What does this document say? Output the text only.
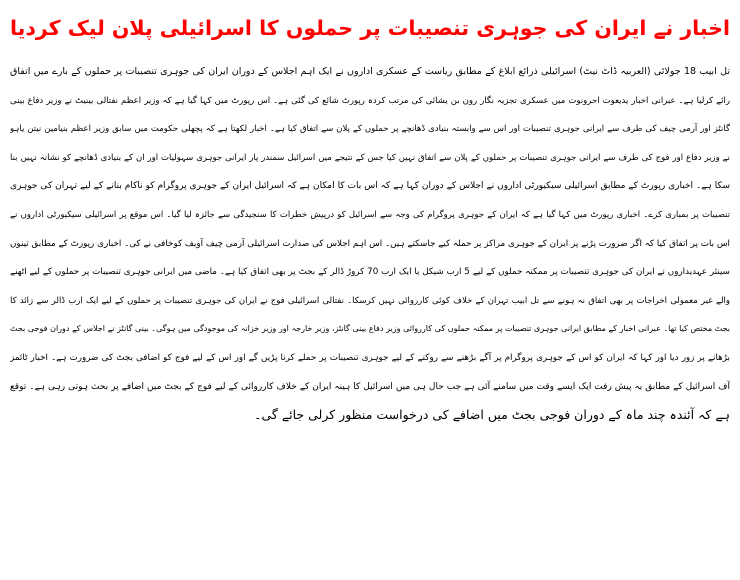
اخبار نے ایران کی جوہری تنصیبات پر حملوں کا اسرائیلی پلان لیک کردیا
تل ابیب 18 جولائی (العربیہ ڈاٹ نیٹ) اسرائیلی ذرائع ابلاغ کے مطابق ریاست کے عسکری اداروں نے ایک اہم اجلاس کے دوران ایران کی جوہری تنصیبات پر حملوں کے بارے میں اتفاق
رائے کرلیا ہے۔ عبرانی اخبار یدیعوت احرونوت میں عسکری تجزیہ نگار رون بن یشائی کی مرتب کردہ رپورٹ شائع کی گئی ہے۔ اس رپورٹ میں کہا گیا ہے کہ وزیر اعظم نفتالی بینیٹ نے وزیر دفاع بینی
گانٹز اور آرمی چیف کی طرف سے ایرانی جوہری تنصیبات اور اس سے وابستہ بنیادی ڈھانچے پر حملوں کے پلان سے اتفاق کیا ہے۔ اخبار لکھتا ہے کہ پچھلی حکومت میں سابق وزیر اعظم بنیامین نیتن یاہو
نے وزیر دفاع اور فوج کی طرف سے ایرانی جوہری تنصیبات پر حملوں کے پلان سے اتفاق نہیں کیا جس کے نتیجے میں اسرائیل سمندر پار ایرانی جوہری سہولیات اور ان کے بنیادی ڈھانچے کو نشانہ نہیں بنا
سکا ہے۔ اخباری رپورٹ کے مطابق اسرائیلی سیکیورٹی اداروں نے اجلاس کے دوران کہا ہے کہ اس بات کا امکان ہے کہ اسرائیل ایران کے جوہری پروگرام کو ناکام بنانے کے لیے تہران کی جوہری
تنصیبات پر بمباری کرے۔ اخباری رپورٹ میں کہا گیا ہے کہ ایران کے جوہری پروگرام کی وجہ سے اسرائیل کو درپیش خطرات کا سنجیدگی سے جائزہ لیا گیا۔ اس موقع پر اسرائیلی سیکیورٹی اداروں نے
اس بات پر اتفاق کیا کہ اگر ضرورت پڑنے پر ایران کے جوہری مراکز پر حملہ کیے جاسکتے ہیں۔ اس اہم اجلاس کی صدارت اسرائیلی آرمی چیف آویف کوخافی نے کی۔ اخباری رپورٹ کے مطابق تینوں
سینئر عہدیداروں نے ایران کی جوہری تنصیبات پر ممکنہ حملوں کے لیے 5 ارب شیکل یا ایک ارب 70 کروڑ ڈالر کے بجٹ پر بھی اتفاق کیا ہے۔ ماضی میں ایرانی جوہری تنصیبات پر حملوں کے لیے اٹھنے
والے غیر معمولی اخراجات پر بھی اتفاق نہ ہونے سے تل ابیب تہران کے خلاف کوئی کارروائی نہیں کرسکا۔ نفتالی اسرائیلی فوج نے ایران کی جوہری تنصیبات پر حملوں کے لیے ایک ارب ڈالر سے زائد کا
بجٹ مختص کیا تھا۔ عبرانی اخبار کے مطابق ایرانی جوہری تنصیبات پر ممکنہ حملوں کی کارروائی وزیر دفاع بینی گانٹز، وزیر خارجہ اور وزیر خزانہ کی موجودگی میں ہوگی۔ بینی گانٹز نے اجلاس کے دوران فوجی بجٹ
بڑھانے پر زور دیا اور کہا کہ ایران کو اس کے جوہری پروگرام پر آگے بڑھنے سے روکنے کے لیے جوہری تنصیبات پر حملے کرنا پڑیں گے اور اس کے لیے فوج کو اضافی بجٹ کی ضرورت ہے۔ اخبار ٹائمز
آف اسرائیل کے مطابق یہ پیش رفت ایک ایسے وقت میں سامنے آئی ہے جب حال ہی میں اسرائیل کا ہینہ ایران کے خلاف کارروائی کے لیے فوج کے بجٹ میں اضافے پر بحث ہوتی رہی ہے۔ توقع
ہے کہ آئندہ چند ماہ کے دوران فوجی بجٹ میں اضافے کی درخواست منظور کرلی جائے گی۔
